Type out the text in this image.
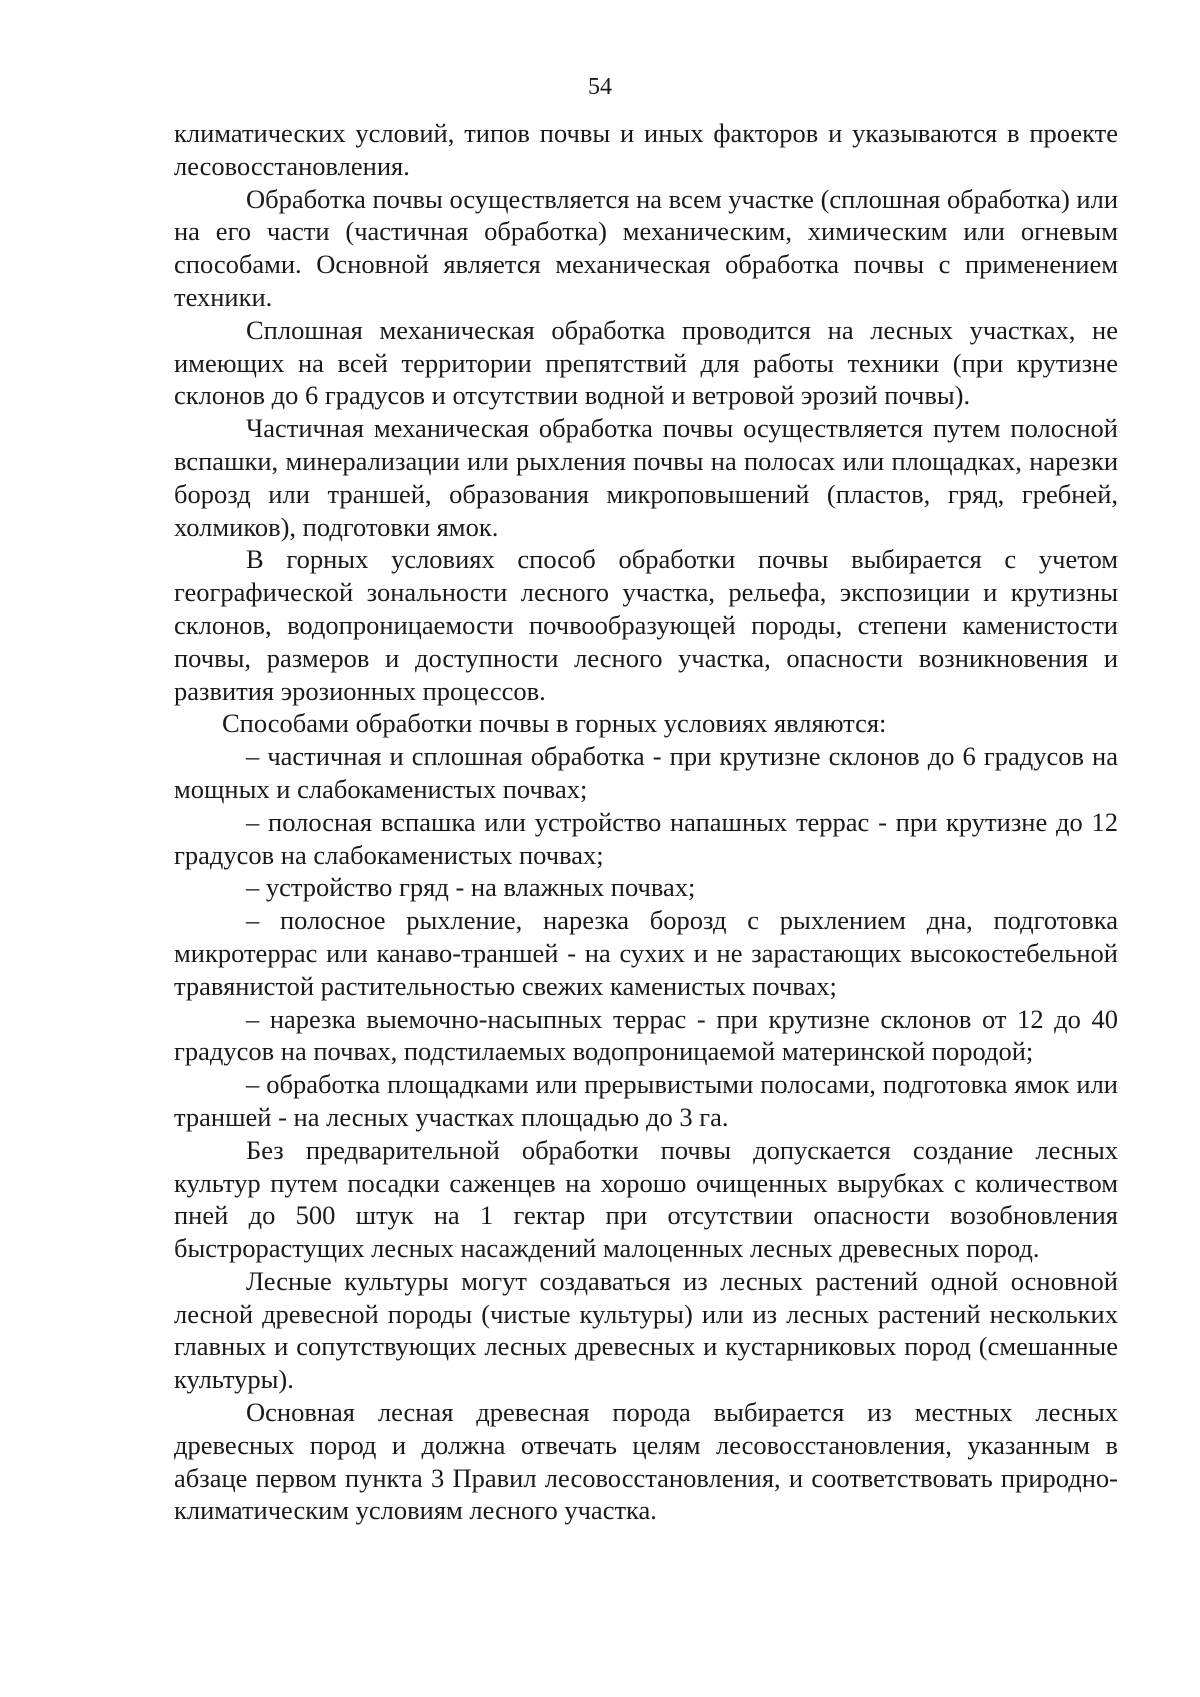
54

климатических условий, типов почвы и иных факторов и указываются в проекте лесовосстановления.

Обработка почвы осуществляется на всем участке (сплошная обработка) или на его части (частичная обработка) механическим, химическим или огневым способами. Основной является механическая обработка почвы с применением техники.

Сплошная механическая обработка проводится на лесных участках, не имеющих на всей территории препятствий для работы техники (при крутизне склонов до 6 градусов и отсутствии водной и ветровой эрозий почвы).

Частичная механическая обработка почвы осуществляется путем полосной вспашки, минерализации или рыхления почвы на полосах или площадках, нарезки борозд или траншей, образования микроповышений (пластов, гряд, гребней, холмиков), подготовки ямок.

В горных условиях способ обработки почвы выбирается с учетом географической зональности лесного участка, рельефа, экспозиции и крутизны склонов, водопроницаемости почвообразующей породы, степени каменистости почвы, размеров и доступности лесного участка, опасности возникновения и развития эрозионных процессов.

Способами обработки почвы в горных условиях являются:

– частичная и сплошная обработка - при крутизне склонов до 6 градусов на мощных и слабокаменистых почвах;

– полосная вспашка или устройство напашных террас - при крутизне до 12 градусов на слабокаменистых почвах;

– устройство гряд - на влажных почвах;

– полосное рыхление, нарезка борозд с рыхлением дна, подготовка микротеррас или канаво-траншей - на сухих и не зарастающих высокостебельной травянистой растительностью свежих каменистых почвах;

– нарезка выемочно-насыпных террас - при крутизне склонов от 12 до 40 градусов на почвах, подстилаемых водопроницаемой материнской породой;

– обработка площадками или прерывистыми полосами, подготовка ямок или траншей - на лесных участках площадью до 3 га.

Без предварительной обработки почвы допускается создание лесных культур путем посадки саженцев на хорошо очищенных вырубках с количеством пней до 500 штук на 1 гектар при отсутствии опасности возобновления быстрорастущих лесных насаждений малоценных лесных древесных пород.

Лесные культуры могут создаваться из лесных растений одной основной лесной древесной породы (чистые культуры) или из лесных растений нескольких главных и сопутствующих лесных древесных и кустарниковых пород (смешанные культуры).

Основная лесная древесная порода выбирается из местных лесных древесных пород и должна отвечать целям лесовосстановления, указанным в абзаце первом пункта 3 Правил лесовосстановления, и соответствовать природно-климатическим условиям лесного участка.
